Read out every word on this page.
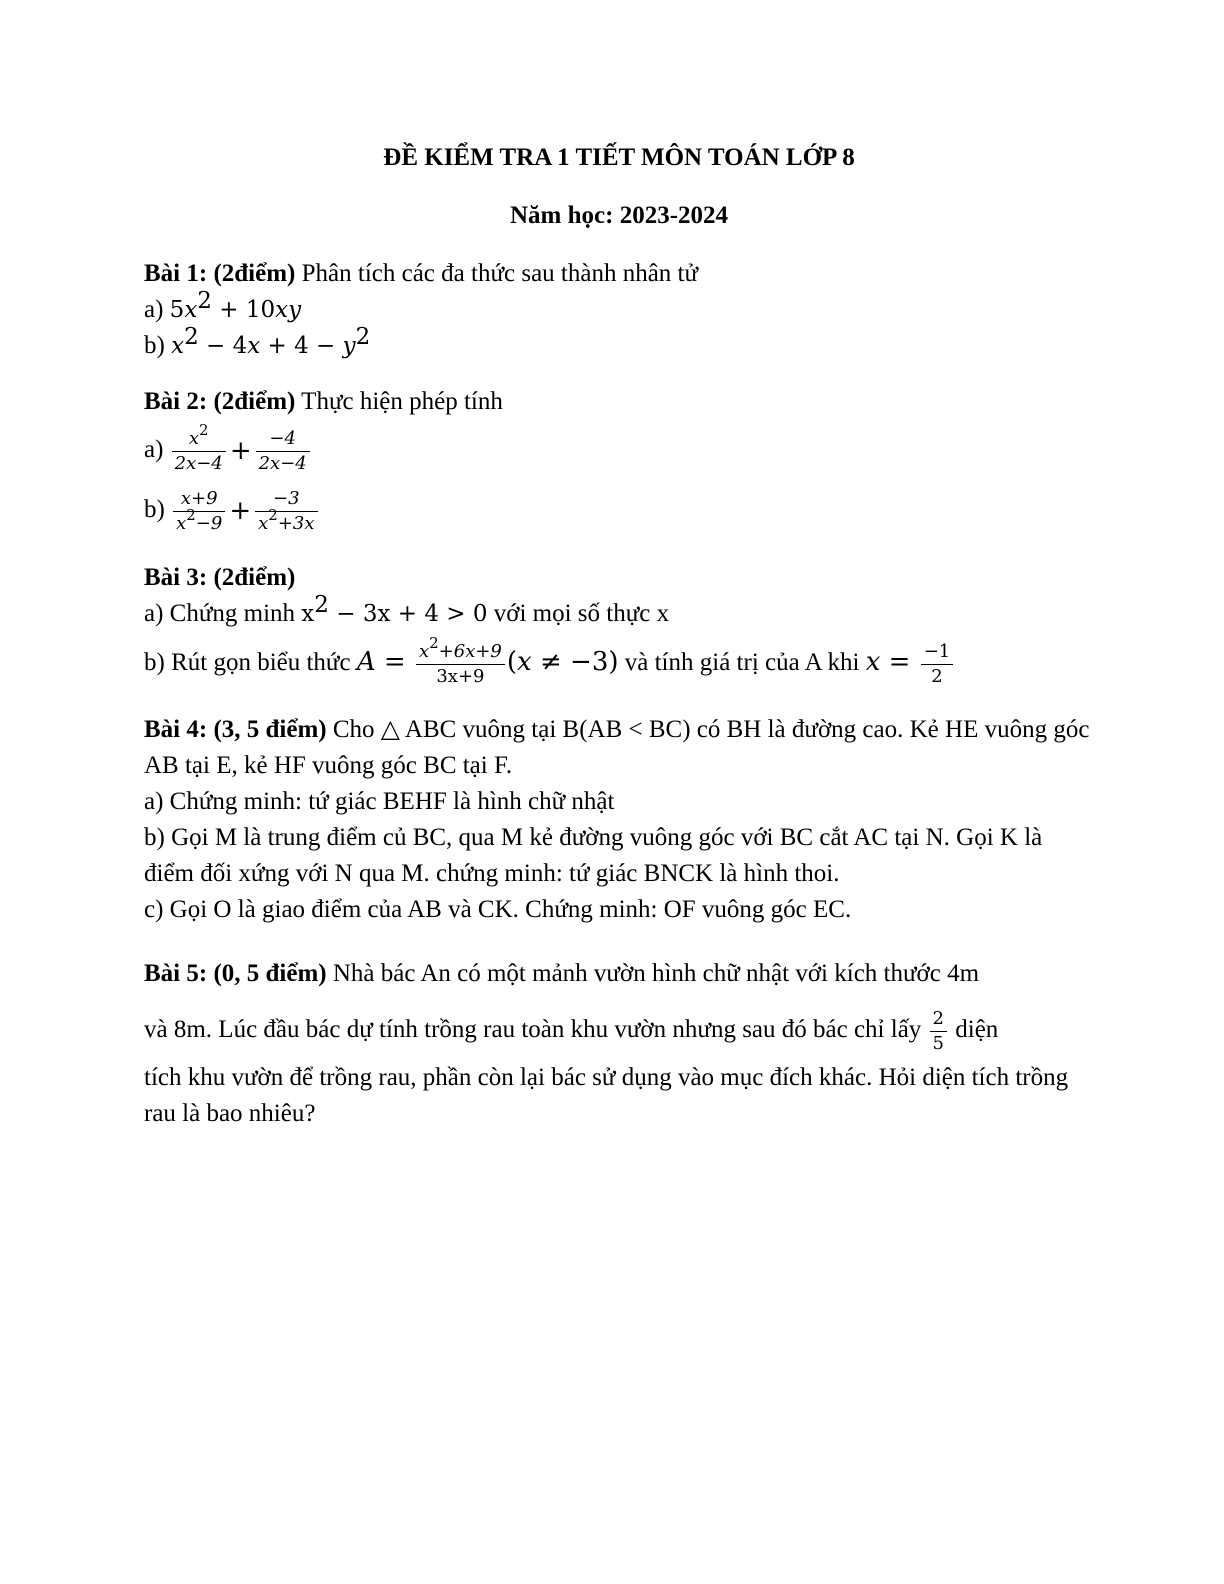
ĐỀ KIỂM TRA 1 TIẾT MÔN TOÁN LỚP 8

Năm học: 2023-2024

Bài 1: (2điểm) Phân tích các đa thức sau thành nhân tử
a) $5x^2 + 10xy$
b) $x^2 - 4x + 4 - y^2$
Bài 2: (2điểm) Thực hiện phép tính
$a) \frac{x^2}{2x-4} + \frac{-4}{2x-4}$
$b) \frac{x+9}{x^2-9} + \frac{-3}{x^2+3x}$
Bài 3: (2điểm)
a) Chứng minh $x^2 - 3x + 4 > 0$ với mọi số thực x
b) Rút gọn biểu thức $A = \frac{x^2+6x+9}{3x+9} (x \ne -3)$ và tính giá trị của A khi $x = \frac{-1}{2}$
Bài 4: (3, 5 điểm) Cho △ ABC vuông tại B(AB < BC) có BH là đường cao. Kẻ HE vuông góc AB tại E, kẻ HF vuông góc BC tại F.
a) Chứng minh: tứ giác BEHF là hình chữ nhật
b) Gọi M là trung điểm củ BC, qua M kẻ đường vuông góc với BC cắt AC tại N. Gọi K là điểm đối xứng với N qua M. chứng minh: tứ giác BNCK là hình thoi.
c) Gọi O là giao điểm của AB và CK. Chứng minh: OF vuông góc EC.
Bài 5: (0, 5 điểm) Nhà bác An có một mảnh vườn hình chữ nhật với kích thước 4m
và 8m. Lúc đầu bác dự tính trồng rau toàn khu vườn nhưng sau đó bác chỉ lấy $\frac{2}{5}$ diện
tích khu vườn để trồng rau, phần còn lại bác sử dụng vào mục đích khác. Hỏi diện tích trồng rau là bao nhiêu?
